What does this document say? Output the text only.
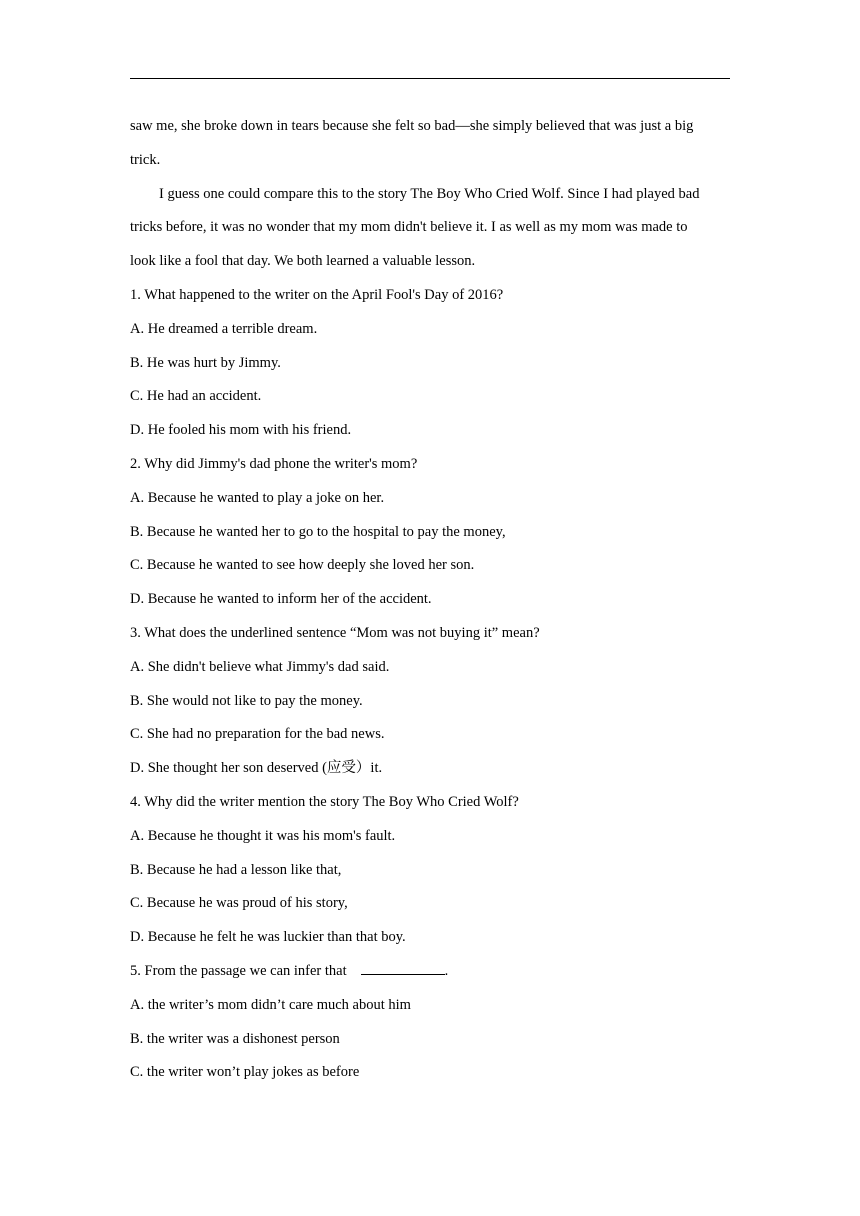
saw me, she broke down in tears because she felt so bad—she simply believed that was just a big

trick.

I guess one could compare this to the story The Boy Who Cried Wolf. Since I had played bad

tricks before, it was no wonder that my mom didn't believe it. I as well as my mom was made to

look like a fool that day. We both learned a valuable lesson.

1. What happened to the writer on the April Fool's Day of 2016?

A. He dreamed a terrible dream.

B. He was hurt by Jimmy.

C. He had an accident.

D. He fooled his mom with his friend.

2. Why did Jimmy's dad phone the writer's mom?

A. Because he wanted to play a joke on her.

B. Because he wanted her to go to the hospital to pay the money,

C. Because he wanted to see how deeply she loved her son.

D. Because he wanted to inform her of the accident.

3. What does the underlined sentence “Mom was not buying it” mean?

A. She didn't believe what Jimmy's dad said.

B. She would not like to pay the money.

C. She had no preparation for the bad news.

D. She thought her son deserved (应受）it.

4. Why did the writer mention the story The Boy Who Cried Wolf?

A. Because he thought it was his mom's fault.

B. Because he had a lesson like that,

C. Because he was proud of his story,

D. Because he felt he was luckier than that boy.

5. From the passage we can infer that	.

A. the writer’s mom didn’t care much about him

B. the writer was a dishonest person

C. the writer won’t play jokes as before
